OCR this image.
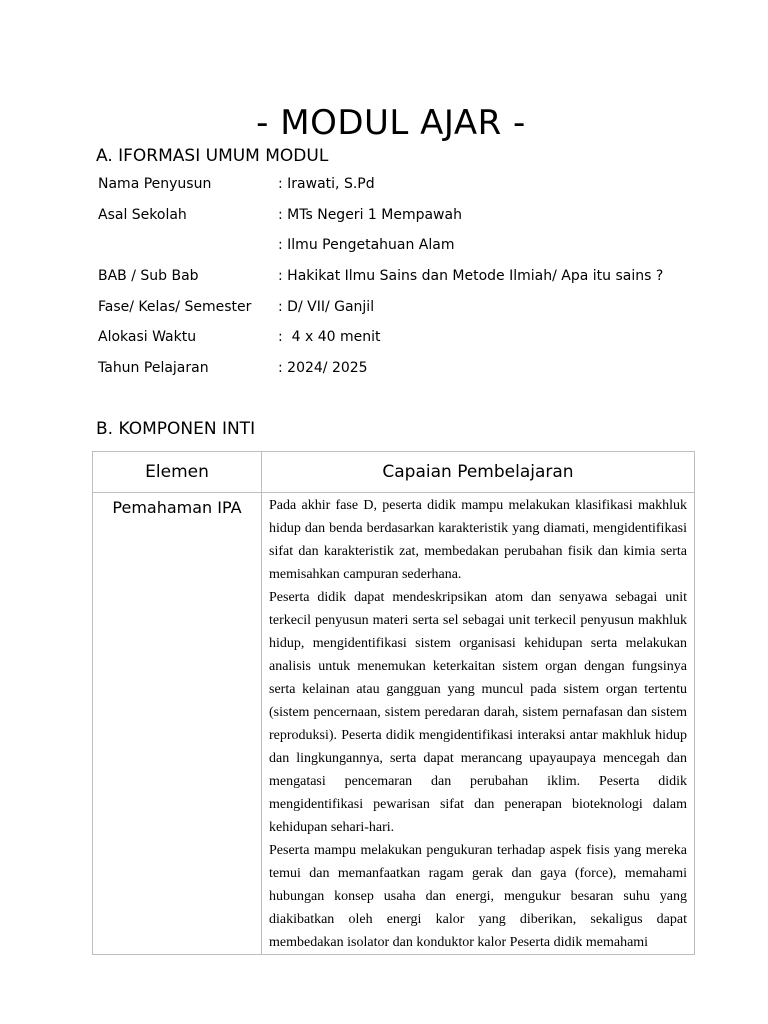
- MODUL AJAR -
A. IFORMASI UMUM MODUL
Nama Penyusun	: Irawati, S.Pd
Asal Sekolah	: MTs Negeri 1 Mempawah
: Ilmu Pengetahuan Alam
BAB / Sub Bab	: Hakikat Ilmu Sains dan Metode Ilmiah/ Apa itu sains ?
Fase/ Kelas/ Semester	: D/ VII/ Ganjil
Alokasi Waktu	:  4 x 40 menit
Tahun Pelajaran	: 2024/ 2025
B. KOMPONEN INTI
Elemen	Capaian Pembelajaran
Pemahaman IPA	Pada akhir fase D, peserta didik mampu melakukan klasifikasi makhluk hidup dan benda berdasarkan karakteristik yang diamati, mengidentifikasi sifat dan karakteristik zat, membedakan perubahan fisik dan kimia serta memisahkan campuran sederhana.

Peserta didik dapat mendeskripsikan atom dan senyawa sebagai unit terkecil penyusun materi serta sel sebagai unit terkecil penyusun makhluk hidup, mengidentifikasi sistem organisasi kehidupan serta melakukan analisis untuk menemukan keterkaitan sistem organ dengan fungsinya serta kelainan atau gangguan yang muncul pada sistem organ tertentu (sistem pencernaan, sistem peredaran darah, sistem pernafasan dan sistem reproduksi). Peserta didik mengidentifikasi interaksi antar makhluk hidup dan lingkungannya, serta dapat merancang upayaupaya mencegah dan mengatasi pencemaran dan perubahan iklim. Peserta didik mengidentifikasi pewarisan sifat dan penerapan bioteknologi dalam kehidupan sehari-hari.

Peserta mampu melakukan pengukuran terhadap aspek fisis yang mereka temui dan memanfaatkan ragam gerak dan gaya (force), memahami hubungan konsep usaha dan energi, mengukur besaran suhu yang diakibatkan oleh energi kalor yang diberikan, sekaligus dapat membedakan isolator dan konduktor kalor Peserta didik memahami
